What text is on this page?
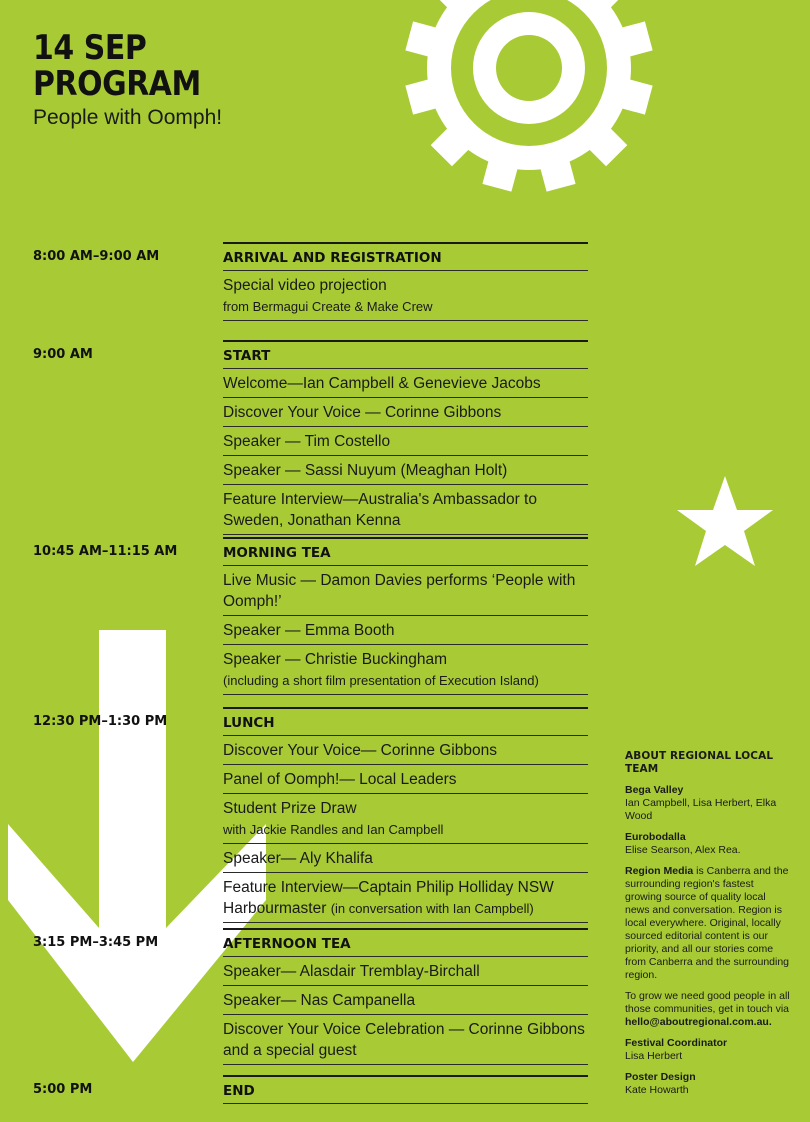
14 SEP
PROGRAM
People with Oomph!
8:00 AM–9:00 AM	ARRIVAL AND REGISTRATION
Special video projection
from Bermagui Create & Make Crew
9:00 AM	START
Welcome—Ian Campbell & Genevieve Jacobs
Discover Your Voice — Corinne Gibbons
Speaker — Tim Costello
Speaker — Sassi Nuyum (Meaghan Holt)
Feature Interview—Australia's Ambassador to Sweden, Jonathan Kenna
10:45 AM–11:15 AM	MORNING TEA
Live Music — Damon Davies performs ‘People with Oomph!’
Speaker — Emma Booth
Speaker — Christie Buckingham
(including a short film presentation of Execution Island)
12:30 PM–1:30 PM	LUNCH
Discover Your Voice— Corinne Gibbons
Panel of Oomph!— Local Leaders
Student Prize Draw
with Jackie Randles and Ian Campbell
Speaker— Aly Khalifa
Feature Interview—Captain Philip Holliday NSW Harbourmaster (in conversation with Ian Campbell)
3:15 PM–3:45 PM	AFTERNOON TEA
Speaker— Alasdair Tremblay-Birchall
Speaker— Nas Campanella
Discover Your Voice Celebration — Corinne Gibbons and a special guest
5:00 PM	END
ABOUT REGIONAL LOCAL TEAM
Bega Valley
Ian Campbell, Lisa Herbert, Elka Wood
Eurobodalla
Elise Searson, Alex Rea.
Region Media is Canberra and the surrounding region's fastest growing source of quality local news and conversation. Region is local everywhere. Original, locally sourced editorial content is our priority, and all our stories come from Canberra and the surrounding region.
To grow we need good people in all those communities, get in touch via
hello@aboutregional.com.au.
Festival Coordinator
Lisa Herbert
Poster Design
Kate Howarth
